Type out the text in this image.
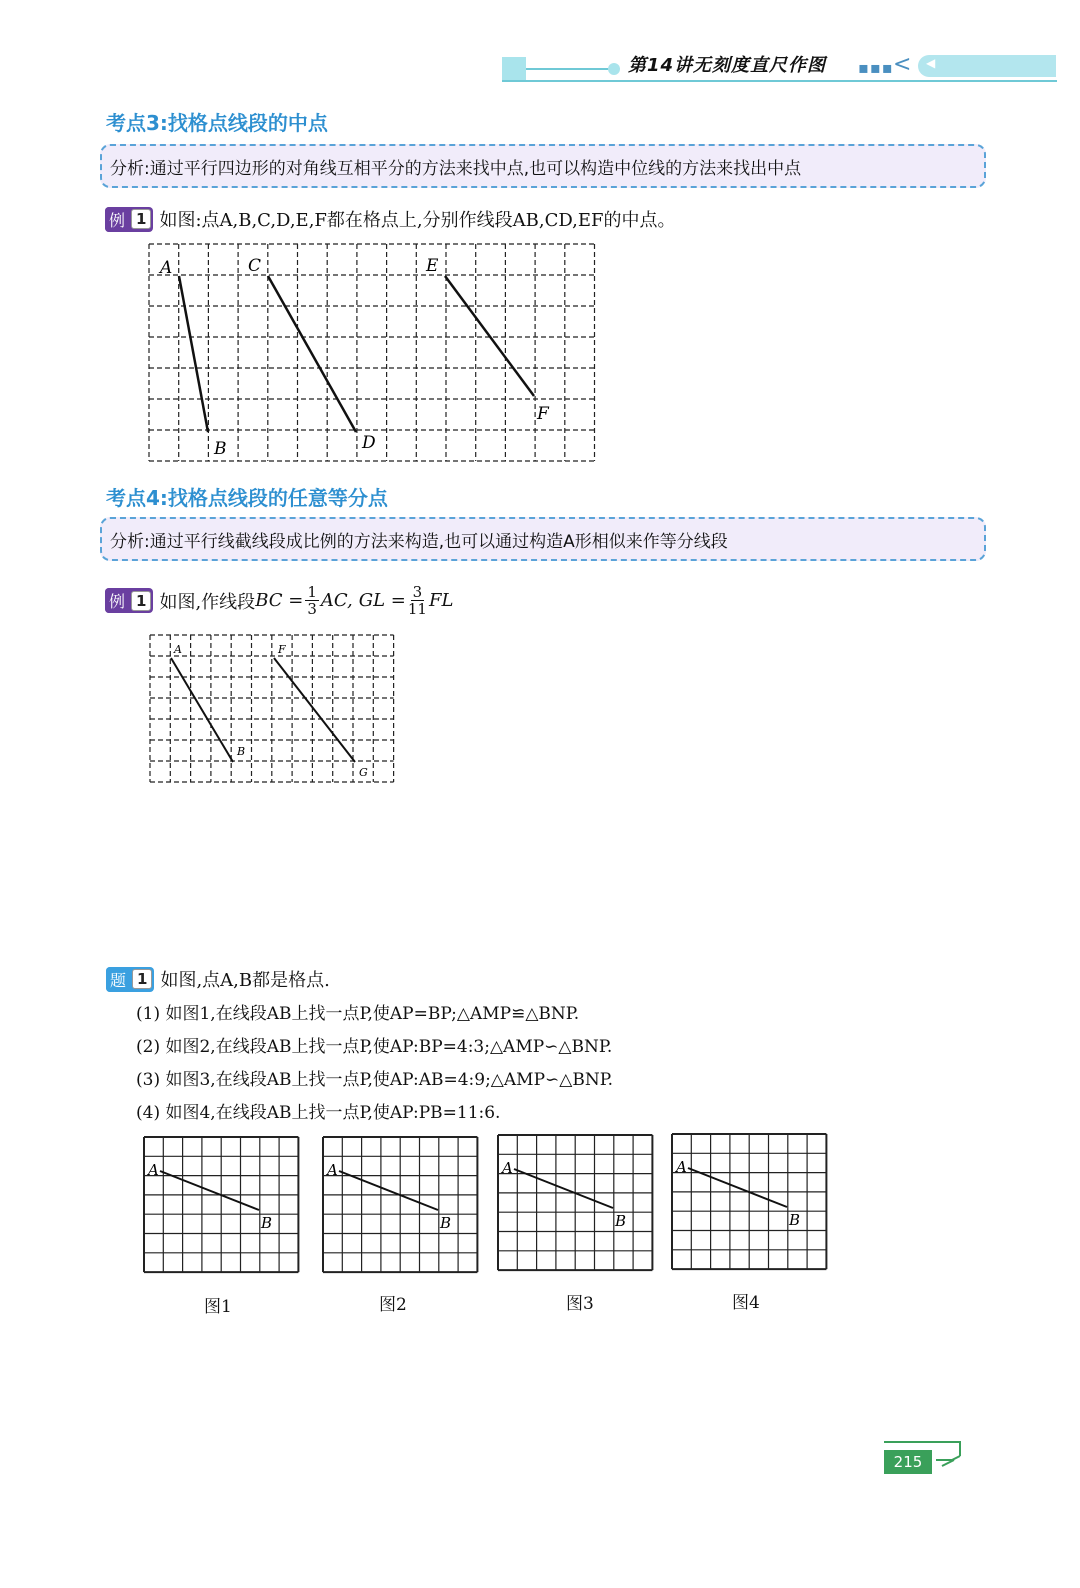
第14讲无刻度直尺作图 ▪▪▪ < ◀
考点3:找格点线段的中点
分析:通过平行四边形的对角线互相平分的方法来找中点,也可以构造中位线的方法来找出中点
例 1 如图:点A,B,C,D,E,F都在格点上,分别作线段AB,CD,EF的中点。
A
B
C
D
E
F
考点4:找格点线段的任意等分点
分析:通过平行线截线段成比例的方法来构造,也可以通过构造A形相似来作等分线段
例 1 如图,作线段 BC = $\frac{1}{3}$ AC, GL = $\frac{3}{11}$ FL
A
B
F
G
题 1 如图,点A,B都是格点.
(1) 如图1,在线段AB上找一点P,使AP=BP;△AMP≌△BNP.
(2) 如图2,在线段AB上找一点P,使AP:BP=4:3;△AMP∽△BNP.
(3) 如图3,在线段AB上找一点P,使AP:AB=4:9;△AMP∽△BNP.
(4) 如图4,在线段AB上找一点P,使AP:PB=11:6.
A
B
A
B
A
B
A
B
图1	图2	图3	图4
215
